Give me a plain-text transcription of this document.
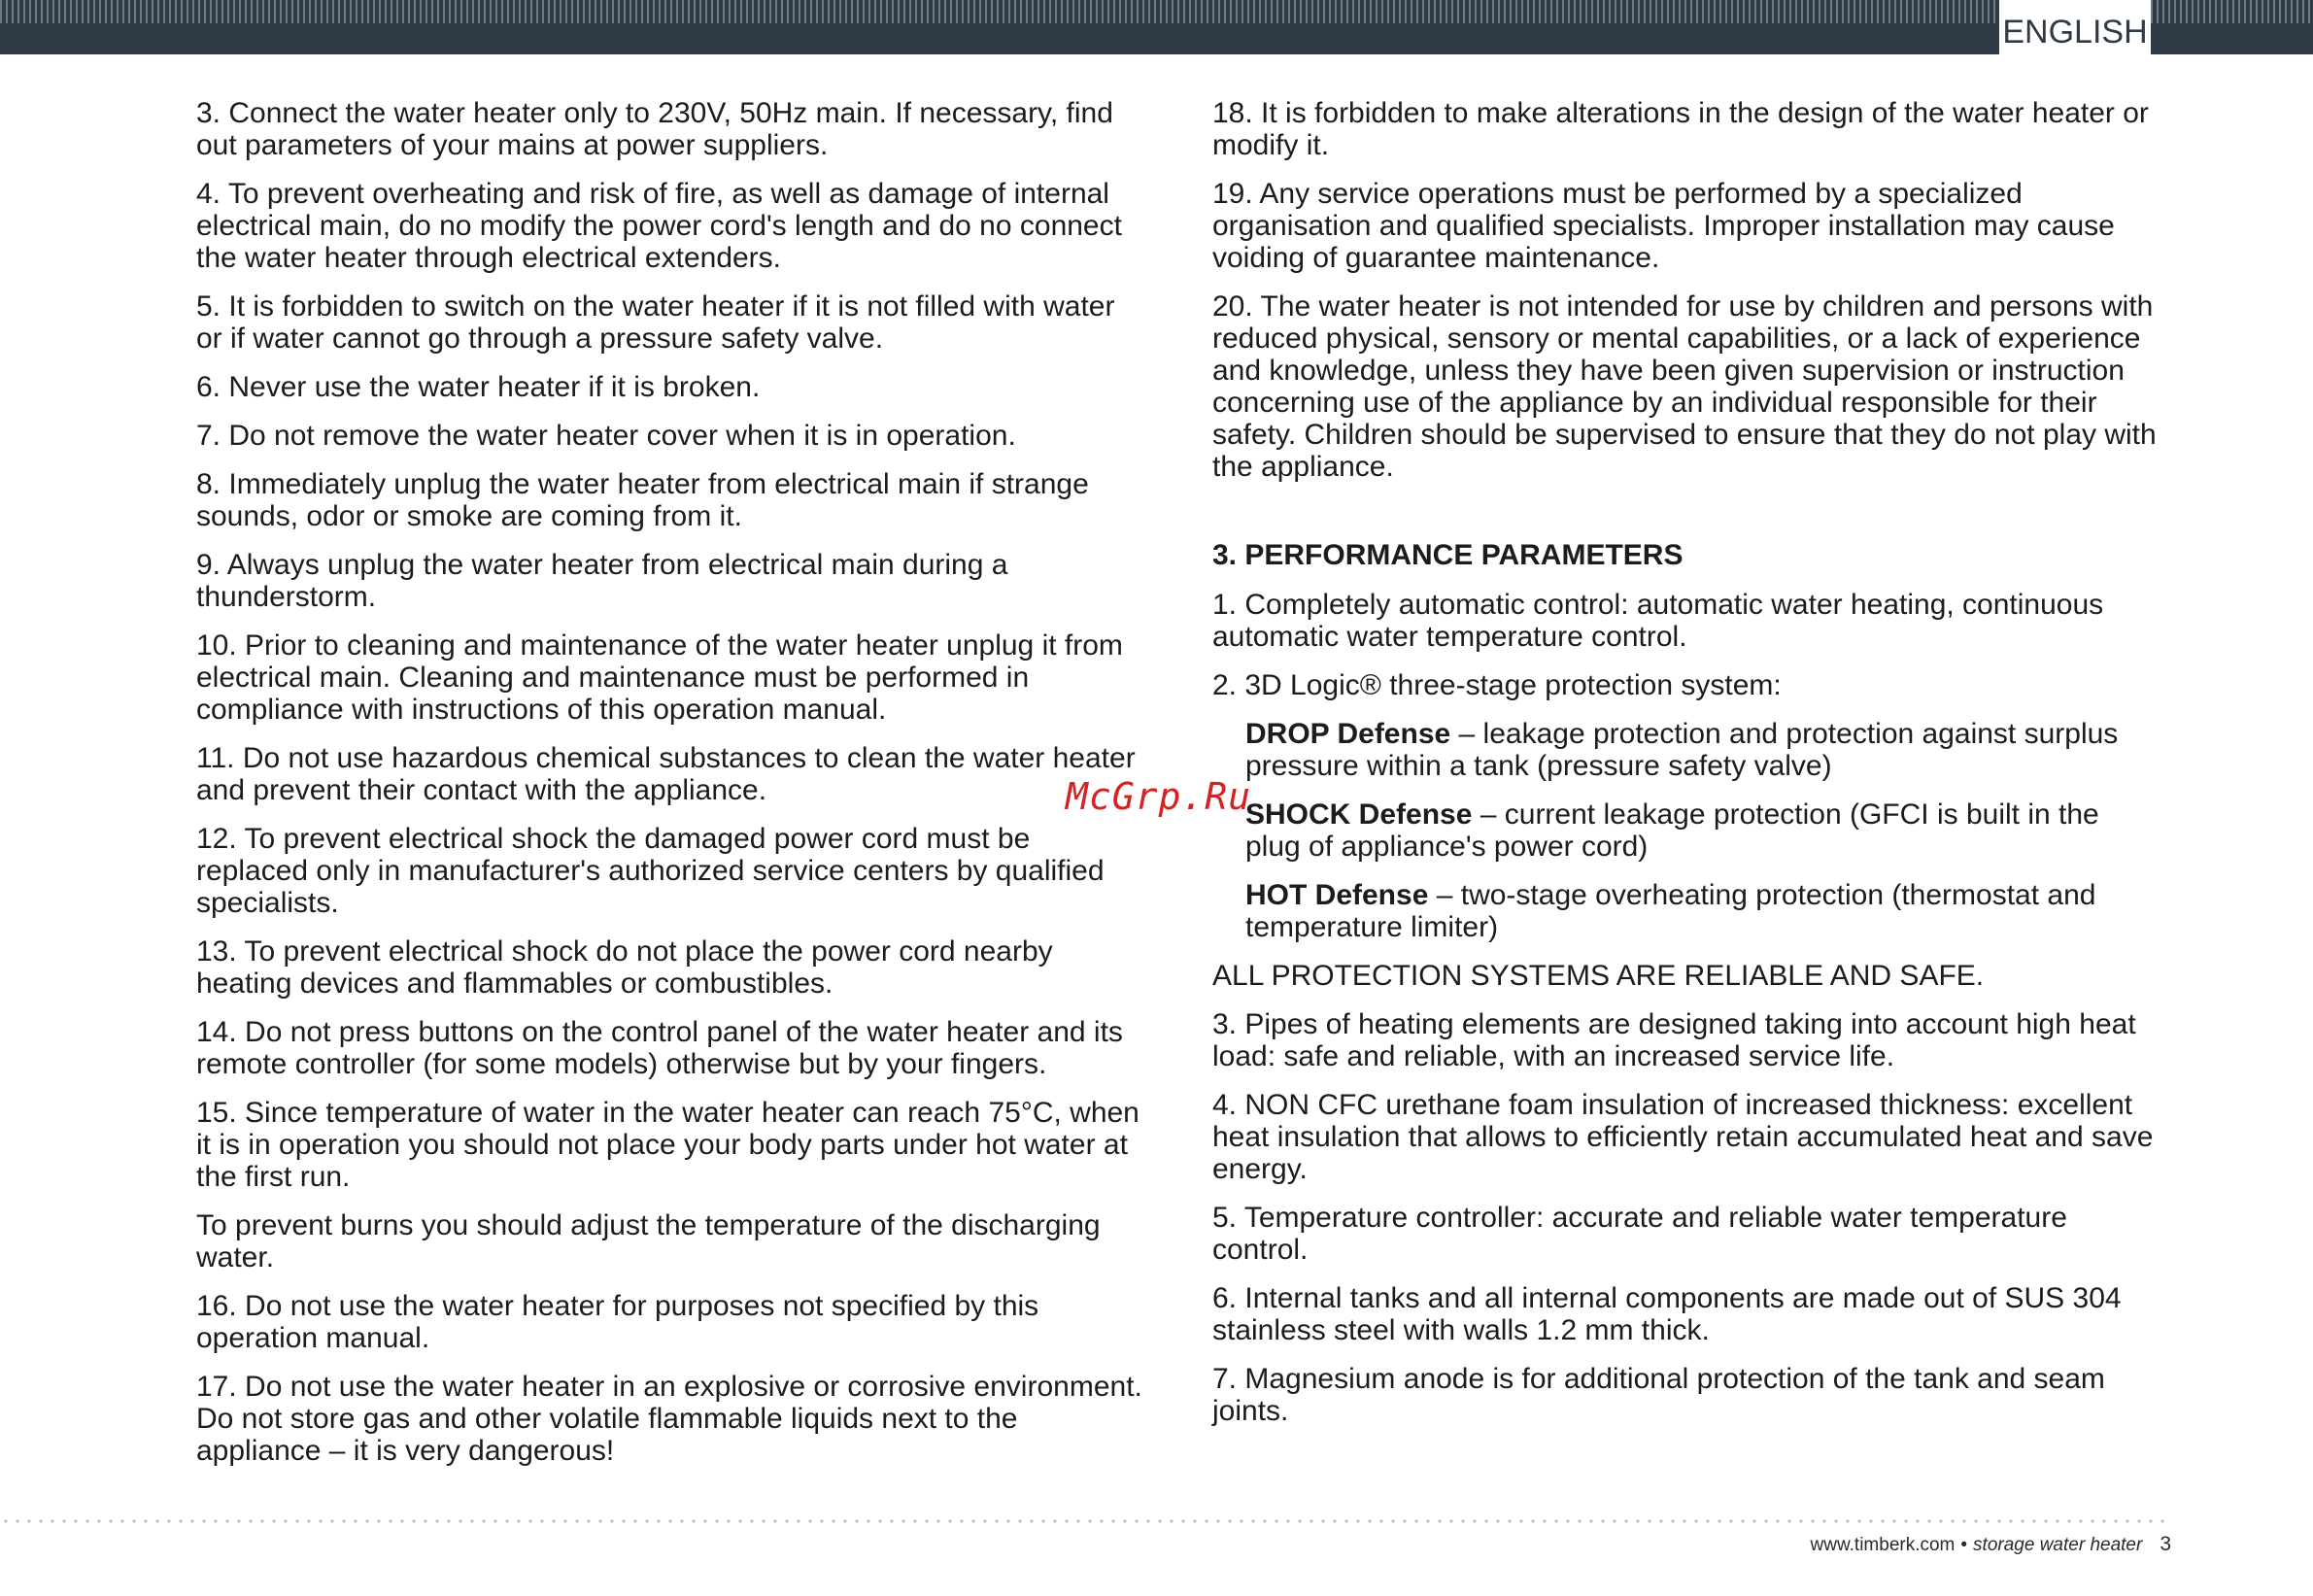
ENGLISH

3. Connect the water heater only to 230V, 50Hz main. If necessary, find out parameters of your mains at power suppliers.

4. To prevent overheating and risk of fire, as well as damage of internal electrical main, do no modify the power cord's length and do no connect the water heater through electrical extenders.

5. It is forbidden to switch on the water heater if it is not filled with water or if water cannot go through a pressure safety valve.

6. Never use the water heater if it is broken.

7. Do not remove the water heater cover when it is in operation.

8. Immediately unplug the water heater from electrical main if strange sounds, odor or smoke are coming from it.

9. Always unplug the water heater from electrical main during a thunderstorm.

10. Prior to cleaning and maintenance of the water heater unplug it from electrical main. Cleaning and maintenance must be performed in compliance with instructions of this operation manual.

11. Do not use hazardous chemical substances to clean the water heater and prevent their contact with the appliance.

12. To prevent electrical shock the damaged power cord must be replaced only in manufacturer's authorized service centers by qualified specialists.

13. To prevent electrical shock do not place the power cord nearby heating devices and flammables or combustibles.

14. Do not press buttons on the control panel of the water heater and its remote controller (for some models) otherwise but by your fingers.

15. Since temperature of water in the water heater can reach 75°C, when it is in operation you should not place your body parts under hot water at the first run.

To prevent burns you should adjust the temperature of the discharging water.

16. Do not use the water heater for purposes not specified by this operation manual.

17. Do not use the water heater in an explosive or corrosive environment. Do not store gas and other volatile flammable liquids next to the appliance – it is very dangerous!

18. It is forbidden to make alterations in the design of the water heater or modify it.

19. Any service operations must be performed by a specialized organisation and qualified specialists. Improper installation may cause voiding of guarantee maintenance.

20. The water heater is not intended for use by children and persons with reduced physical, sensory or mental capabilities, or a lack of experience and knowledge, unless they have been given supervision or instruction concerning use of the appliance by an individual responsible for their safety. Children should be supervised to ensure that they do not play with the appliance.

3. PERFORMANCE PARAMETERS

1. Completely automatic control: automatic water heating, continuous automatic water temperature control.

2. 3D Logic® three-stage protection system:

DROP Defense – leakage protection and protection against surplus pressure within a tank (pressure safety valve)

SHOCK Defense – current leakage protection (GFCI is built in the plug of appliance's power cord)

HOT Defense – two-stage overheating protection (thermostat and temperature limiter)

ALL PROTECTION SYSTEMS ARE RELIABLE AND SAFE.

3. Pipes of heating elements are designed taking into account high heat load: safe and reliable, with an increased service life.

4. NON CFC urethane foam insulation of increased thickness: excellent heat insulation that allows to efficiently retain accumulated heat and save energy.

5. Temperature controller: accurate and reliable water temperature control.

6. Internal tanks and all internal components are made out of SUS 304 stainless steel with walls 1.2 mm thick.

7. Magnesium anode is for additional protection of the tank and seam joints.

McGrp.Ru
www.timberk.com • storage water heater 3
